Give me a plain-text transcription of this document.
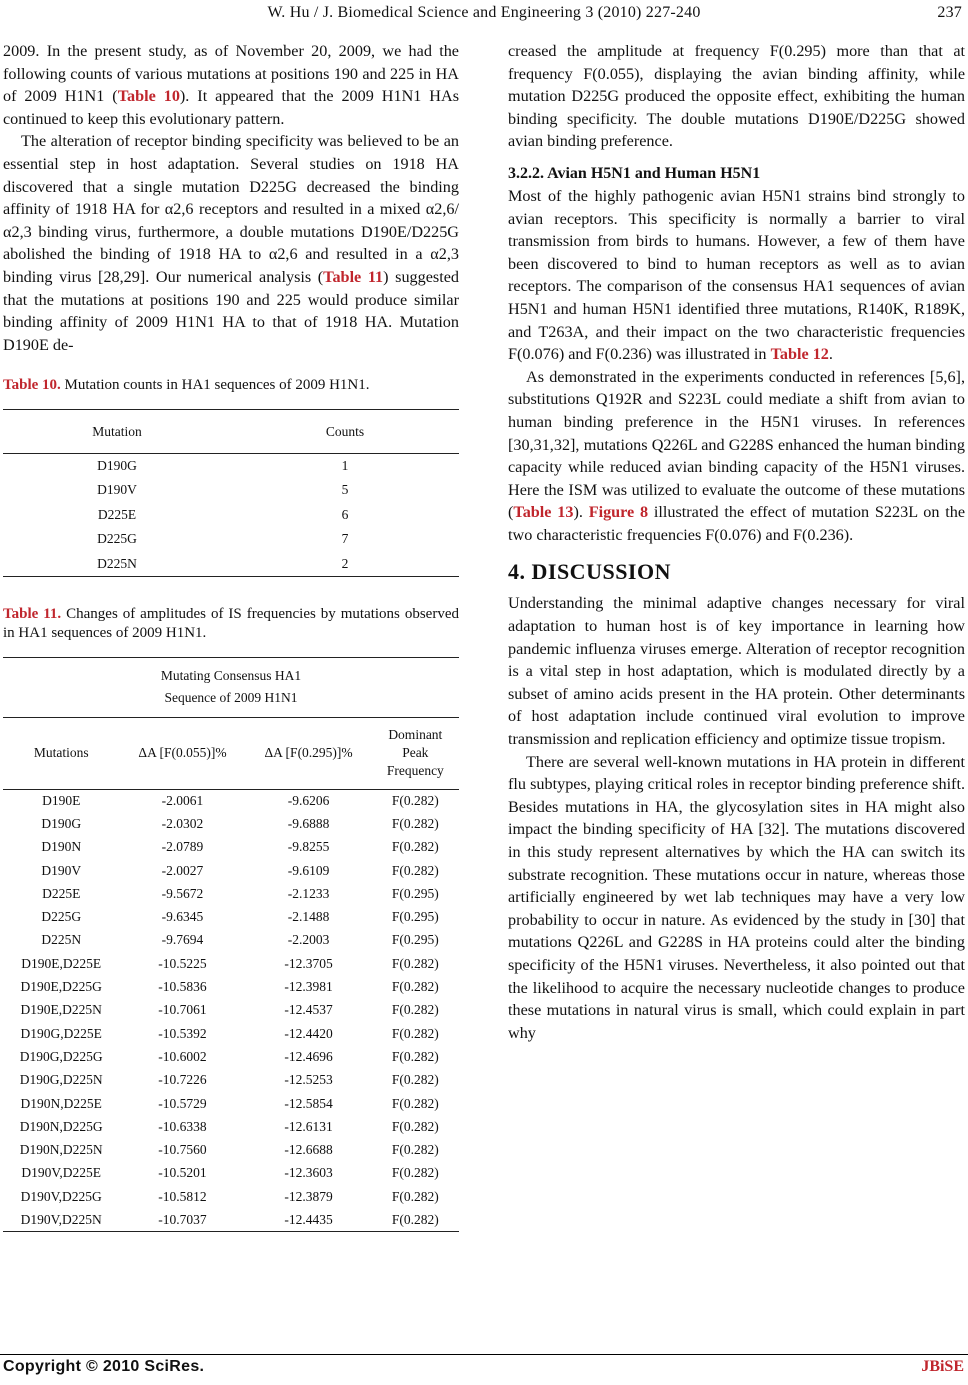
W. Hu / J. Biomedical Science and Engineering 3 (2010) 227-240	237

2009. In the present study, as of November 20, 2009, we had the following counts of various mutations at positions 190 and 225 in HA of 2009 H1N1 (Table 10). It appeared that the 2009 H1N1 HAs continued to keep this evolutionary pattern.

The alteration of receptor binding specificity was believed to be an essential step in host adaptation. Several studies on 1918 HA discovered that a single mutation D225G decreased the binding affinity of 1918 HA for α2,6 receptors and resulted in a mixed α2,6/α2,3 binding virus, furthermore, a double mutations D190E/D225G abolished the binding of 1918 HA to α2,6 and resulted in a α2,3 binding virus [28,29]. Our numerical analysis (Table 11) suggested that the mutations at positions 190 and 225 would produce similar binding affinity of 2009 H1N1 HA to that of 1918 HA. Mutation D190E de-

Table 10. Mutation counts in HA1 sequences of 2009 H1N1.
Mutation	Counts
D190G	1
D190V	5
D225E	6
D225G	7
D225N	2
Table 11. Changes of amplitudes of IS frequencies by mutations observed in HA1 sequences of 2009 H1N1.
Mutating Consensus HA1
Sequence of 2009 H1N1			

Mutations	ΔA [F(0.055)]%	ΔA [F(0.295)]%	Dominant
Peak
Frequency

D190E	-2.0061	-9.6206	F(0.282)
D190G	-2.0302	-9.6888	F(0.282)
D190N	-2.0789	-9.8255	F(0.282)
D190V	-2.0027	-9.6109	F(0.282)
D225E	-9.5672	-2.1233	F(0.295)
D225G	-9.6345	-2.1488	F(0.295)
D225N	-9.7694	-2.2003	F(0.295)
D190E,D225E	-10.5225	-12.3705	F(0.282)
D190E,D225G	-10.5836	-12.3981	F(0.282)
D190E,D225N	-10.7061	-12.4537	F(0.282)
D190G,D225E	-10.5392	-12.4420	F(0.282)
D190G,D225G	-10.6002	-12.4696	F(0.282)
D190G,D225N	-10.7226	-12.5253	F(0.282)
D190N,D225E	-10.5729	-12.5854	F(0.282)
D190N,D225G	-10.6338	-12.6131	F(0.282)
D190N,D225N	-10.7560	-12.6688	F(0.282)
D190V,D225E	-10.5201	-12.3603	F(0.282)
D190V,D225G	-10.5812	-12.3879	F(0.282)
D190V,D225N	-10.7037	-12.4435	F(0.282)

creased the amplitude at frequency F(0.295) more than that at frequency F(0.055), displaying the avian binding affinity, while mutation D225G produced the opposite effect, exhibiting the human binding specificity. The double mutations D190E/D225G showed avian binding preference.

3.2.2. Avian H5N1 and Human H5N1

Most of the highly pathogenic avian H5N1 strains bind strongly to avian receptors. This specificity is normally a barrier to viral transmission from birds to humans. However, a few of them have been discovered to bind to human receptors as well as to avian receptors. The comparison of the consensus HA1 sequences of avian H5N1 and human H5N1 identified three mutations, R140K, R189K, and T263A, and their impact on the two characteristic frequencies F(0.076) and F(0.236) was illustrated in Table 12.

As demonstrated in the experiments conducted in references [5,6], substitutions Q192R and S223L could mediate a shift from avian to human binding preference in the H5N1 viruses. In references [30,31,32], mutations Q226L and G228S enhanced the human binding capacity while reduced avian binding capacity of the H5N1 viruses. Here the ISM was utilized to evaluate the outcome of these mutations (Table 13). Figure 8 illustrated the effect of mutation S223L on the two characteristic frequencies F(0.076) and F(0.236).

4. DISCUSSION

Understanding the minimal adaptive changes necessary for viral adaptation to human host is of key importance in learning how pandemic influenza viruses emerge. Alteration of receptor recognition is a vital step in host adaptation, which is modulated directly by a subset of amino acids present in the HA protein. Other determinants of host adaptation include continued viral evolution to improve transmission and replication efficiency and optimize tissue tropism.

There are several well-known mutations in HA protein in different flu subtypes, playing critical roles in receptor binding preference shift. Besides mutations in HA, the glycosylation sites in HA might also impact the binding specificity of HA [32]. The mutations discovered in this study represent alternatives by which the HA can switch its substrate recognition. These mutations occur in nature, whereas those artificially engineered by wet lab techniques may have a very low probability to occur in nature. As evidenced by the study in [30] that mutations Q226L and G228S in HA proteins could alter the binding specificity of the H5N1 viruses. Nevertheless, it also pointed out that the likelihood to acquire the necessary nucleotide changes to produce these mutations in natural virus is small, which could explain in part why

Copyright © 2010 SciRes.	JBiSE
